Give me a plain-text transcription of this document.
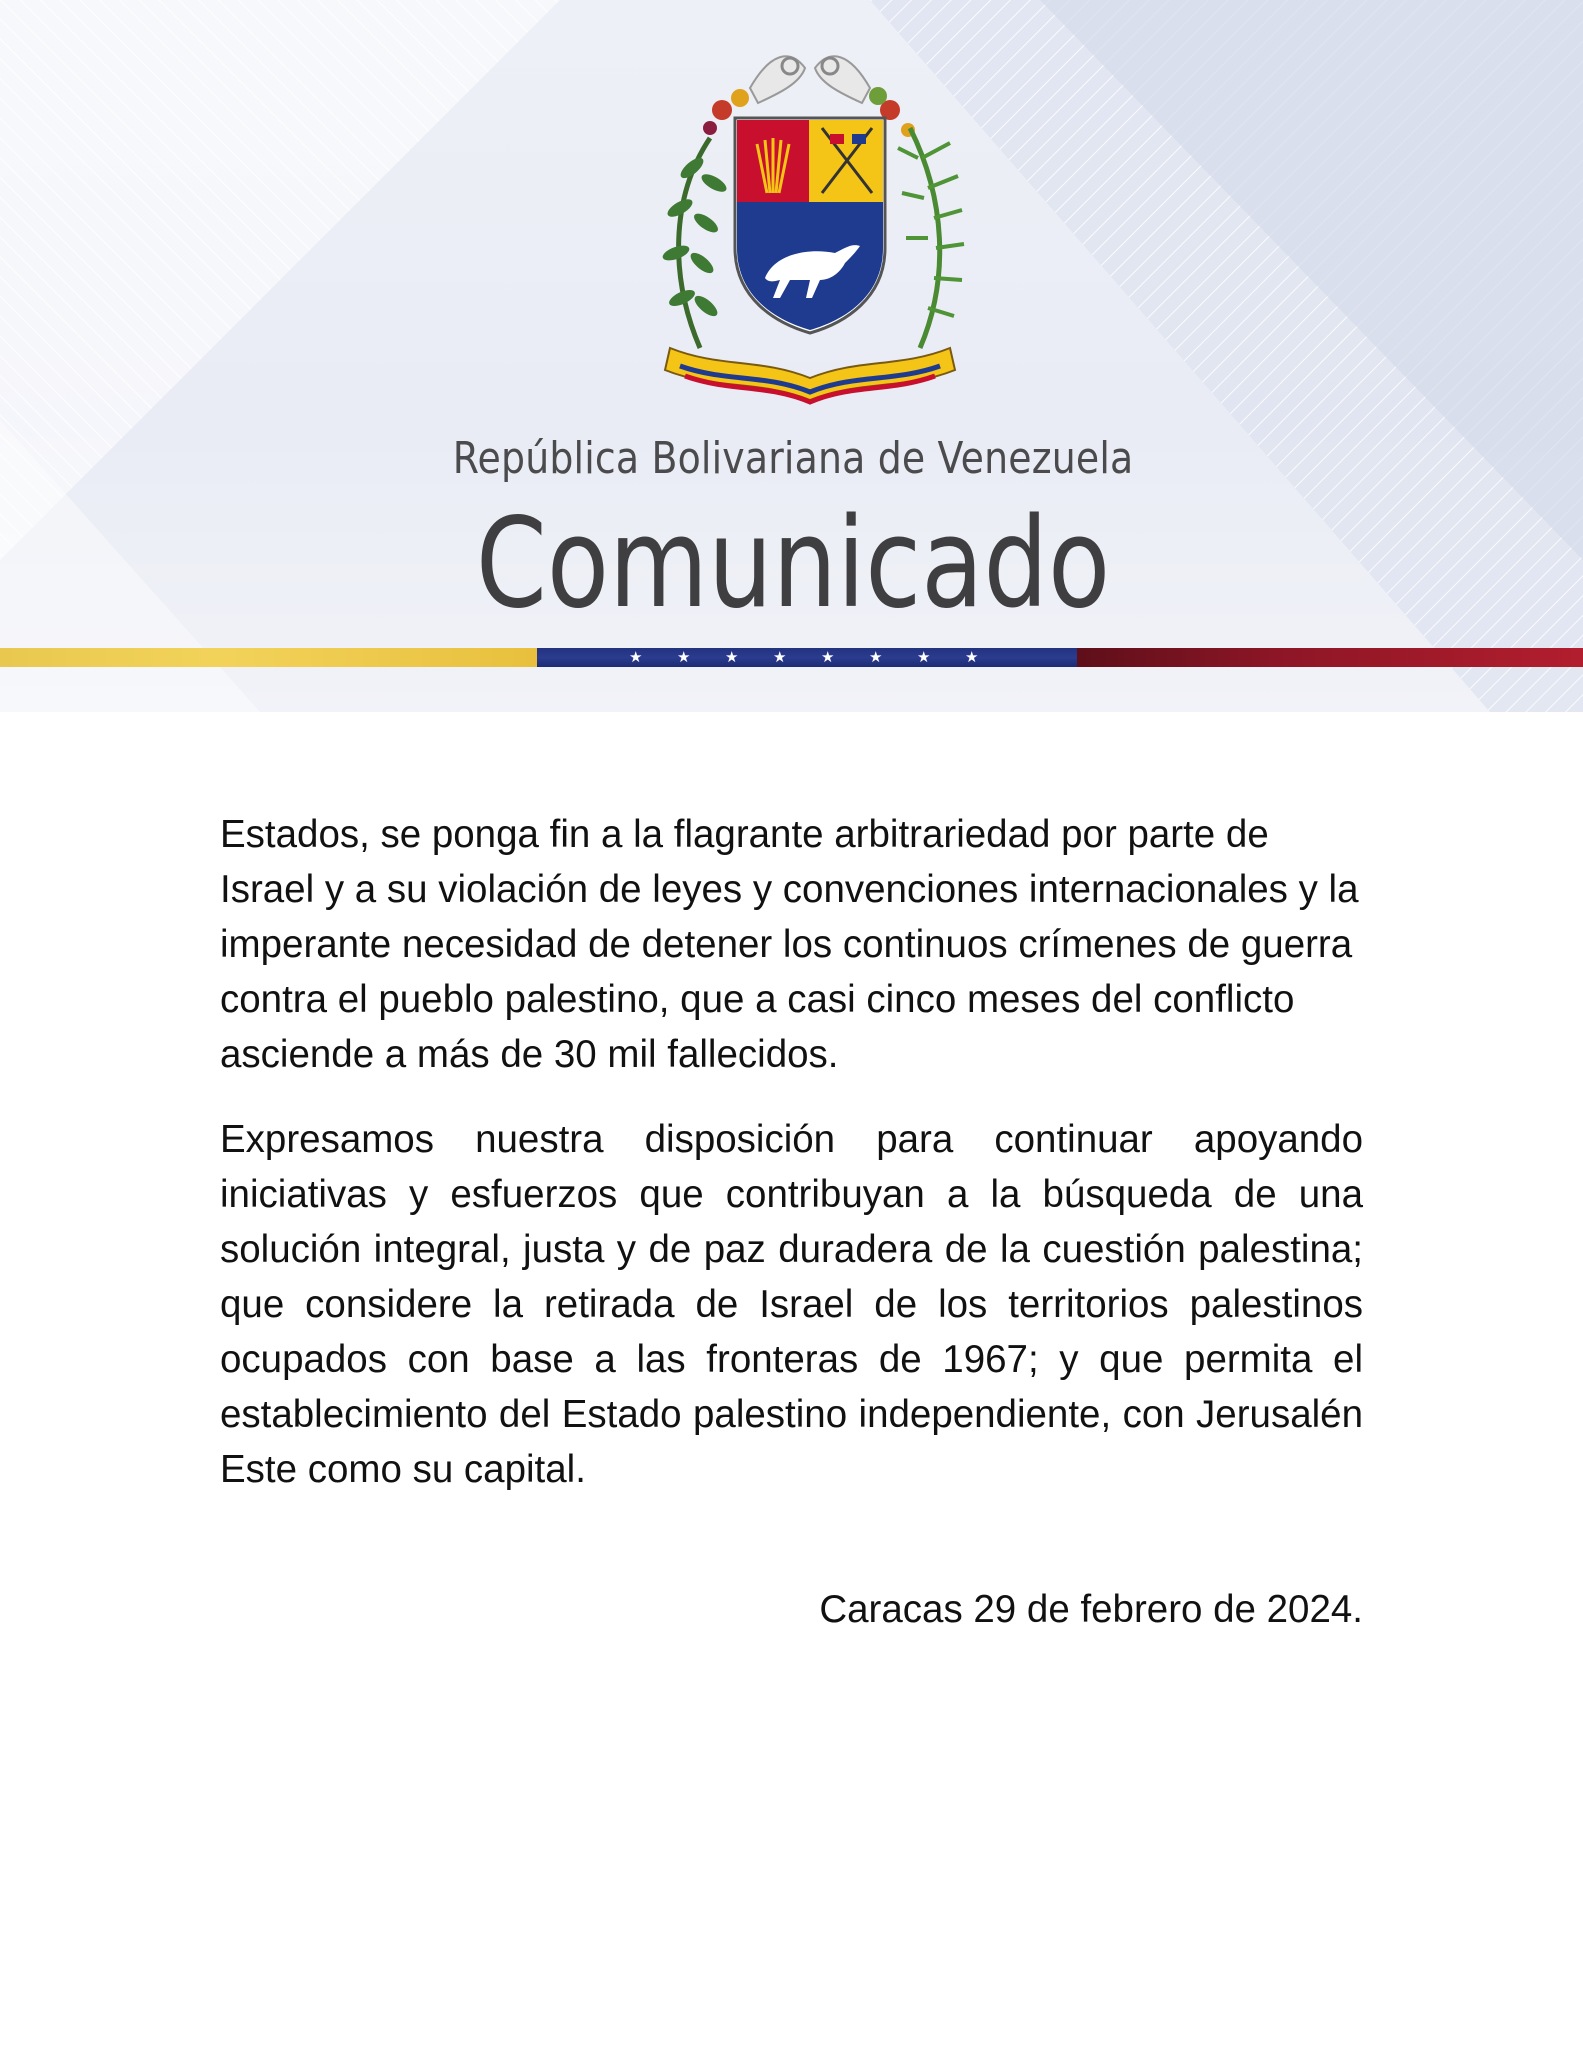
República Bolivariana de Venezuela
Comunicado
★ ★ ★ ★ ★ ★ ★ ★

Estados, se ponga fin a la flagrante arbitrariedad por parte de Israel y a su violación de leyes y convenciones internacionales y la imperante necesidad de detener los continuos crímenes de guerra contra el pueblo palestino, que a casi cinco meses del conflicto asciende a más de 30 mil fallecidos.

Expresamos nuestra disposición para continuar apoyando iniciativas y esfuerzos que contribuyan a la búsqueda de una solución integral, justa y de paz duradera de la cuestión palestina; que considere la retirada de Israel de los territorios palestinos ocupados con base a las fronteras de 1967; y que permita el establecimiento del Estado palestino independiente, con Jerusalén Este como su capital.

Caracas 29 de febrero de 2024.
